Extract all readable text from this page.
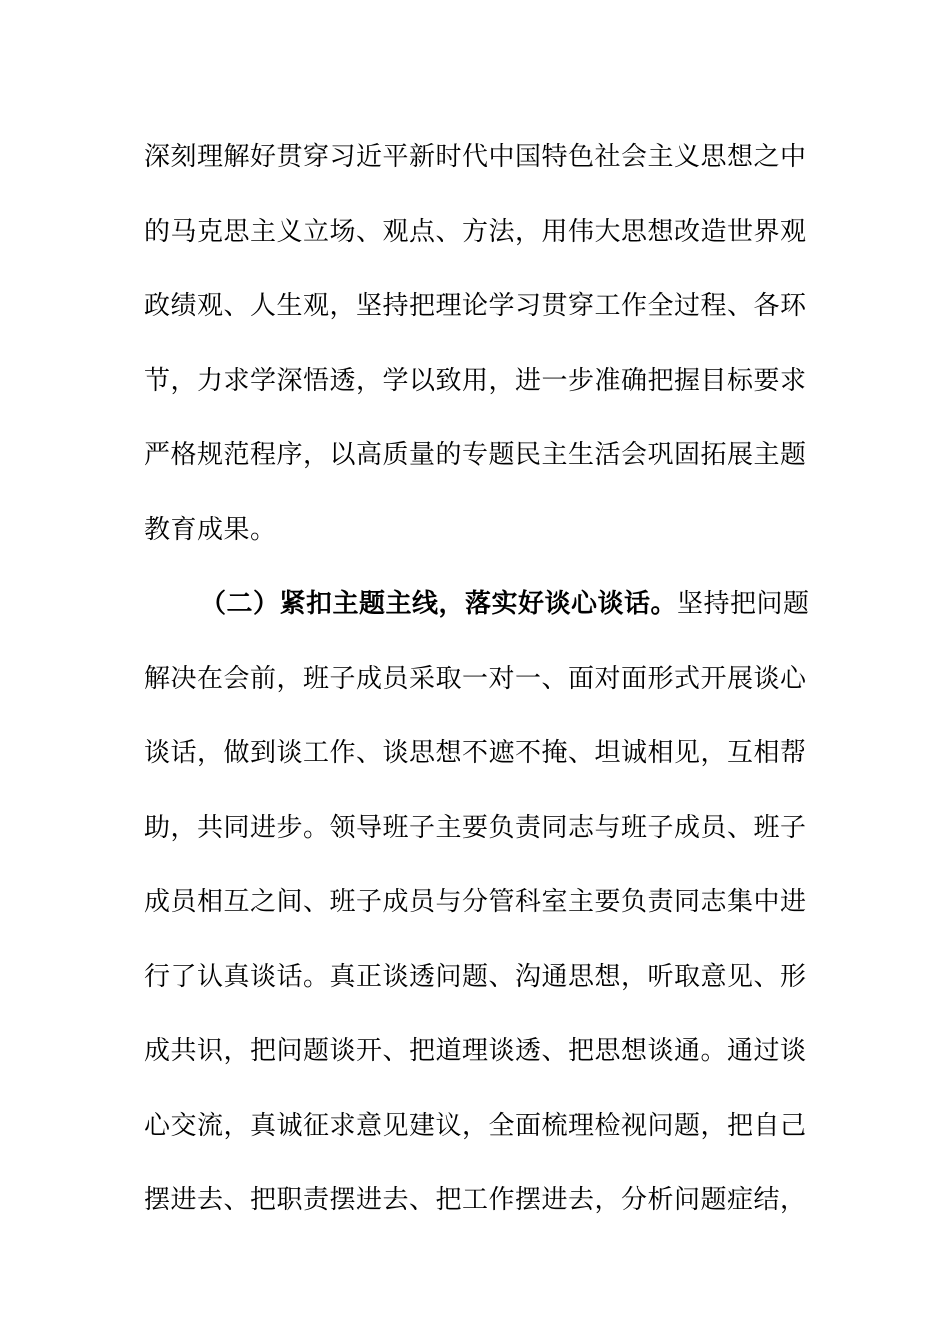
深刻理解好贯穿习近平新时代中国特色社会主义思想之中
的马克思主义立场、观点、方法，用伟大思想改造世界观
政绩观、人生观，坚持把理论学习贯穿工作全过程、各环
节，力求学深悟透，学以致用，进一步准确把握目标要求
严格规范程序，以高质量的专题民主生活会巩固拓展主题
教育成果。
（二）紧扣主题主线，落实好谈心谈话。坚持把问题
解决在会前，班子成员采取一对一、面对面形式开展谈心
谈话，做到谈工作、谈思想不遮不掩、坦诚相见，互相帮
助，共同进步。领导班子主要负责同志与班子成员、班子
成员相互之间、班子成员与分管科室主要负责同志集中进
行了认真谈话。真正谈透问题、沟通思想，听取意见、形
成共识，把问题谈开、把道理谈透、把思想谈通。通过谈
心交流，真诚征求意见建议，全面梳理检视问题，把自己
摆进去、把职责摆进去、把工作摆进去，分析问题症结，
